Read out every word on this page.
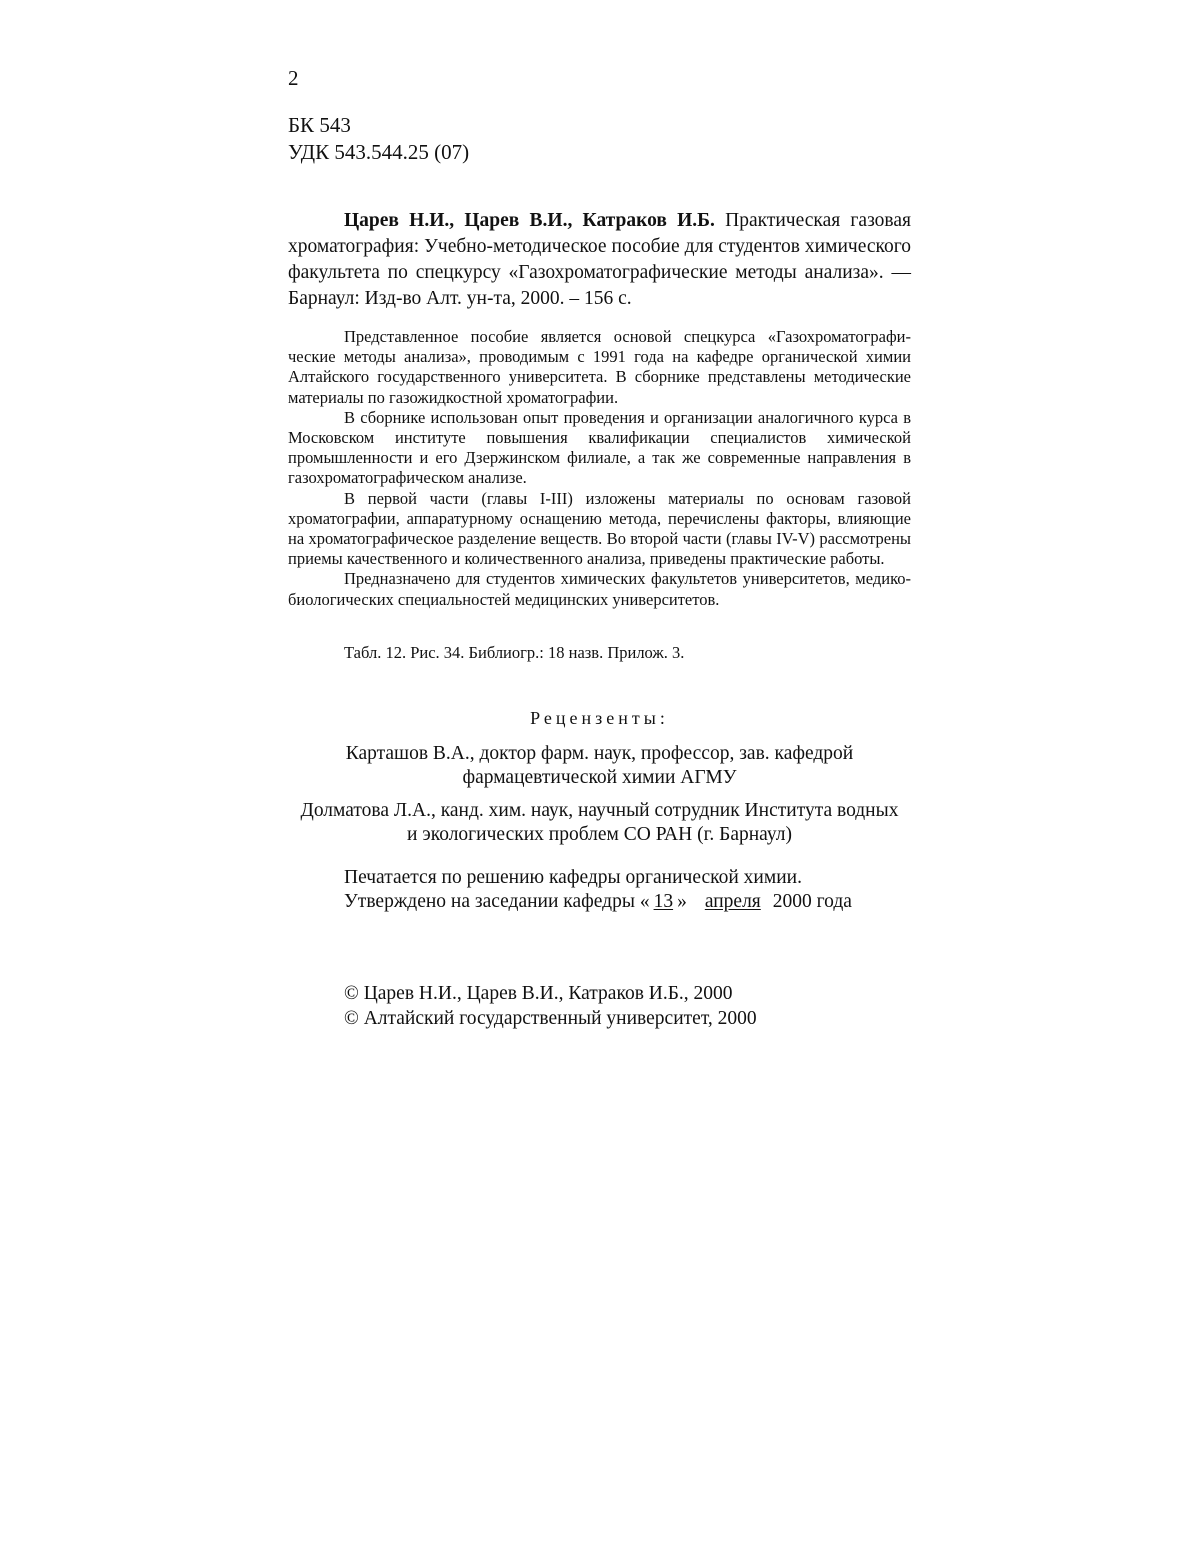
2
БК 543
УДК 543.544.25 (07)
Царев Н.И., Царев В.И., Катраков И.Б. Практическая газовая хроматография: Учебно-методическое пособие для студентов химического факультета по спецкурсу «Газохроматографические методы анализа». — Барнаул: Изд-во Алт. ун-та, 2000. – 156 с.

Представленное пособие является основой спецкурса «Газохроматографические методы анализа», проводимым с 1991 года на кафедре органической химии Алтайского государственного университета. В сборнике представлены методические материалы по газожидкостной хроматографии.

В сборнике использован опыт проведения и организации аналогичного курса в Московском институте повышения квалификации специалистов химической промышленности и его Дзержинском филиале, а так же современные направления в газохроматографическом анализе.

В первой части (главы I-III) изложены материалы по основам газовой хроматографии, аппаратурному оснащению метода, перечислены факторы, влияющие на хроматографическое разделение веществ. Во второй части (главы IV-V) рассмотрены приемы качественного и количественного анализа, приведены практические работы.

Предназначено для студентов химических факультетов университетов, медико-биологических специальностей медицинских университетов.

Табл. 12. Рис. 34. Библиогр.: 18 назв. Прилож. 3.
Рецензенты:
Карташов В.А., доктор фарм. наук, профессор, зав. кафедрой
фармацевтической химии АГМУ
Долматова Л.А., канд. хим. наук, научный сотрудник Института водных
и экологических проблем СО РАН (г. Барнаул)
Печатается по решению кафедры органической химии.
Утверждено на заседании кафедры « 13 » апреля 2000 года
© Царев Н.И., Царев В.И., Катраков И.Б., 2000
© Алтайский государственный университет, 2000
